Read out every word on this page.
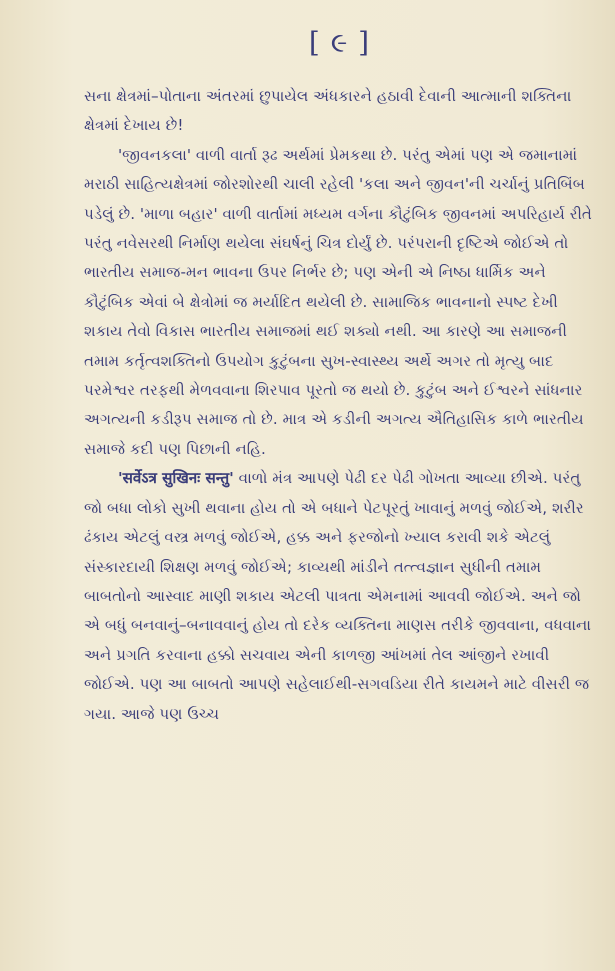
[ ૯ ]

સના ક્ષેત્રમાં–પોતાના અંતરમાં છુપાયેલ અંધકારને હઠાવી દેવાની આત્માની શક્તિના ક્ષેત્રમાં દેખાય છે!

'જીવનકલા' વાળી વાર્તા રૂઢ અર્થમાં પ્રેમકથા છે. પરંતુ એમાં પણ એ જમાનામાં મરાઠી સાહિત્યક્ષેત્રમાં જોરશોરથી ચાલી રહેલી 'કલા અને જીવન'ની ચર્ચાનું પ્રતિબિંબ પડેલું છે. 'માળા બહાર' વાળી વાર્તામાં મધ્યમ વર્ગના કૌટુંબિક જીવનમાં અપરિહાર્ય રીતે પરંતુ નવેસરથી નિર્માણ થયેલા સંઘર્ષનું ચિત્ર દોર્યું છે. પરંપરાની દૃષ્ટિએ જોઈએ તો ભારતીય સમાજ-મન ભાવના ઉપર નિર્ભર છે; પણ એની એ નિષ્ઠા ધાર્મિક અને કૌટુંબિક એવાં બે ક્ષેત્રોમાં જ મર્યાદિત થયેલી છે. સામાજિક ભાવનાનો સ્પષ્ટ દેખી શકાય તેવો વિકાસ ભારતીય સમાજમાં થઈ શક્યો નથી. આ કારણે આ સમાજની તમામ કર્તૃત્વશક્તિનો ઉપયોગ કુટુંબના સુખ-સ્વાસ્થ્ય અર્થે અગર તો મૃત્યુ બાદ પરમેશ્વર તરફથી મેળવવાના શિરપાવ પૂરતો જ થયો છે. કુટુંબ અને ઈશ્વરને સાંધનાર અગત્યની કડીરૂપ સમાજ તો છે. માત્ર એ કડીની અગત્ય ઐતિહાસિક કાળે ભારતીય સમાજે કદી પણ પિછાની નહિ.

'सर्वेऽत्र सुखिनः सन्तु' વાળો મંત્ર આપણે પેઢી દર પેઢી ગોખતા આવ્યા છીએ. પરંતુ જો બધા લોકો સુખી થવાના હોય તો એ બધાને પેટપૂરતું ખાવાનું મળવું જોઈએ, શરીર ઢંકાય એટલું વસ્ત્ર મળવું જોઈએ, હક્ક અને ફરજોનો ખ્યાલ કરાવી શકે એટલું સંસ્કારદાયી શિક્ષણ મળવું જોઈએ; કાવ્યથી માંડીને તત્ત્વજ્ઞાન સુધીની તમામ બાબતોનો આસ્વાદ માણી શકાય એટલી પાત્રતા એમનામાં આવવી જોઈએ. અને જો એ બધું બનવાનું–બનાવવાનું હોય તો દરેક વ્યક્તિના માણસ તરીકે જીવવાના, વધવાના અને પ્રગતિ કરવાના હક્કો સચવાય એની કાળજી આંખમાં તેલ આંજીને રખાવી જોઈએ. પણ આ બાબતો આપણે સહેલાઈથી-સગવડિયા રીતે કાયમને માટે વીસરી જ ગયા. આજે પણ ઉચ્ચ
